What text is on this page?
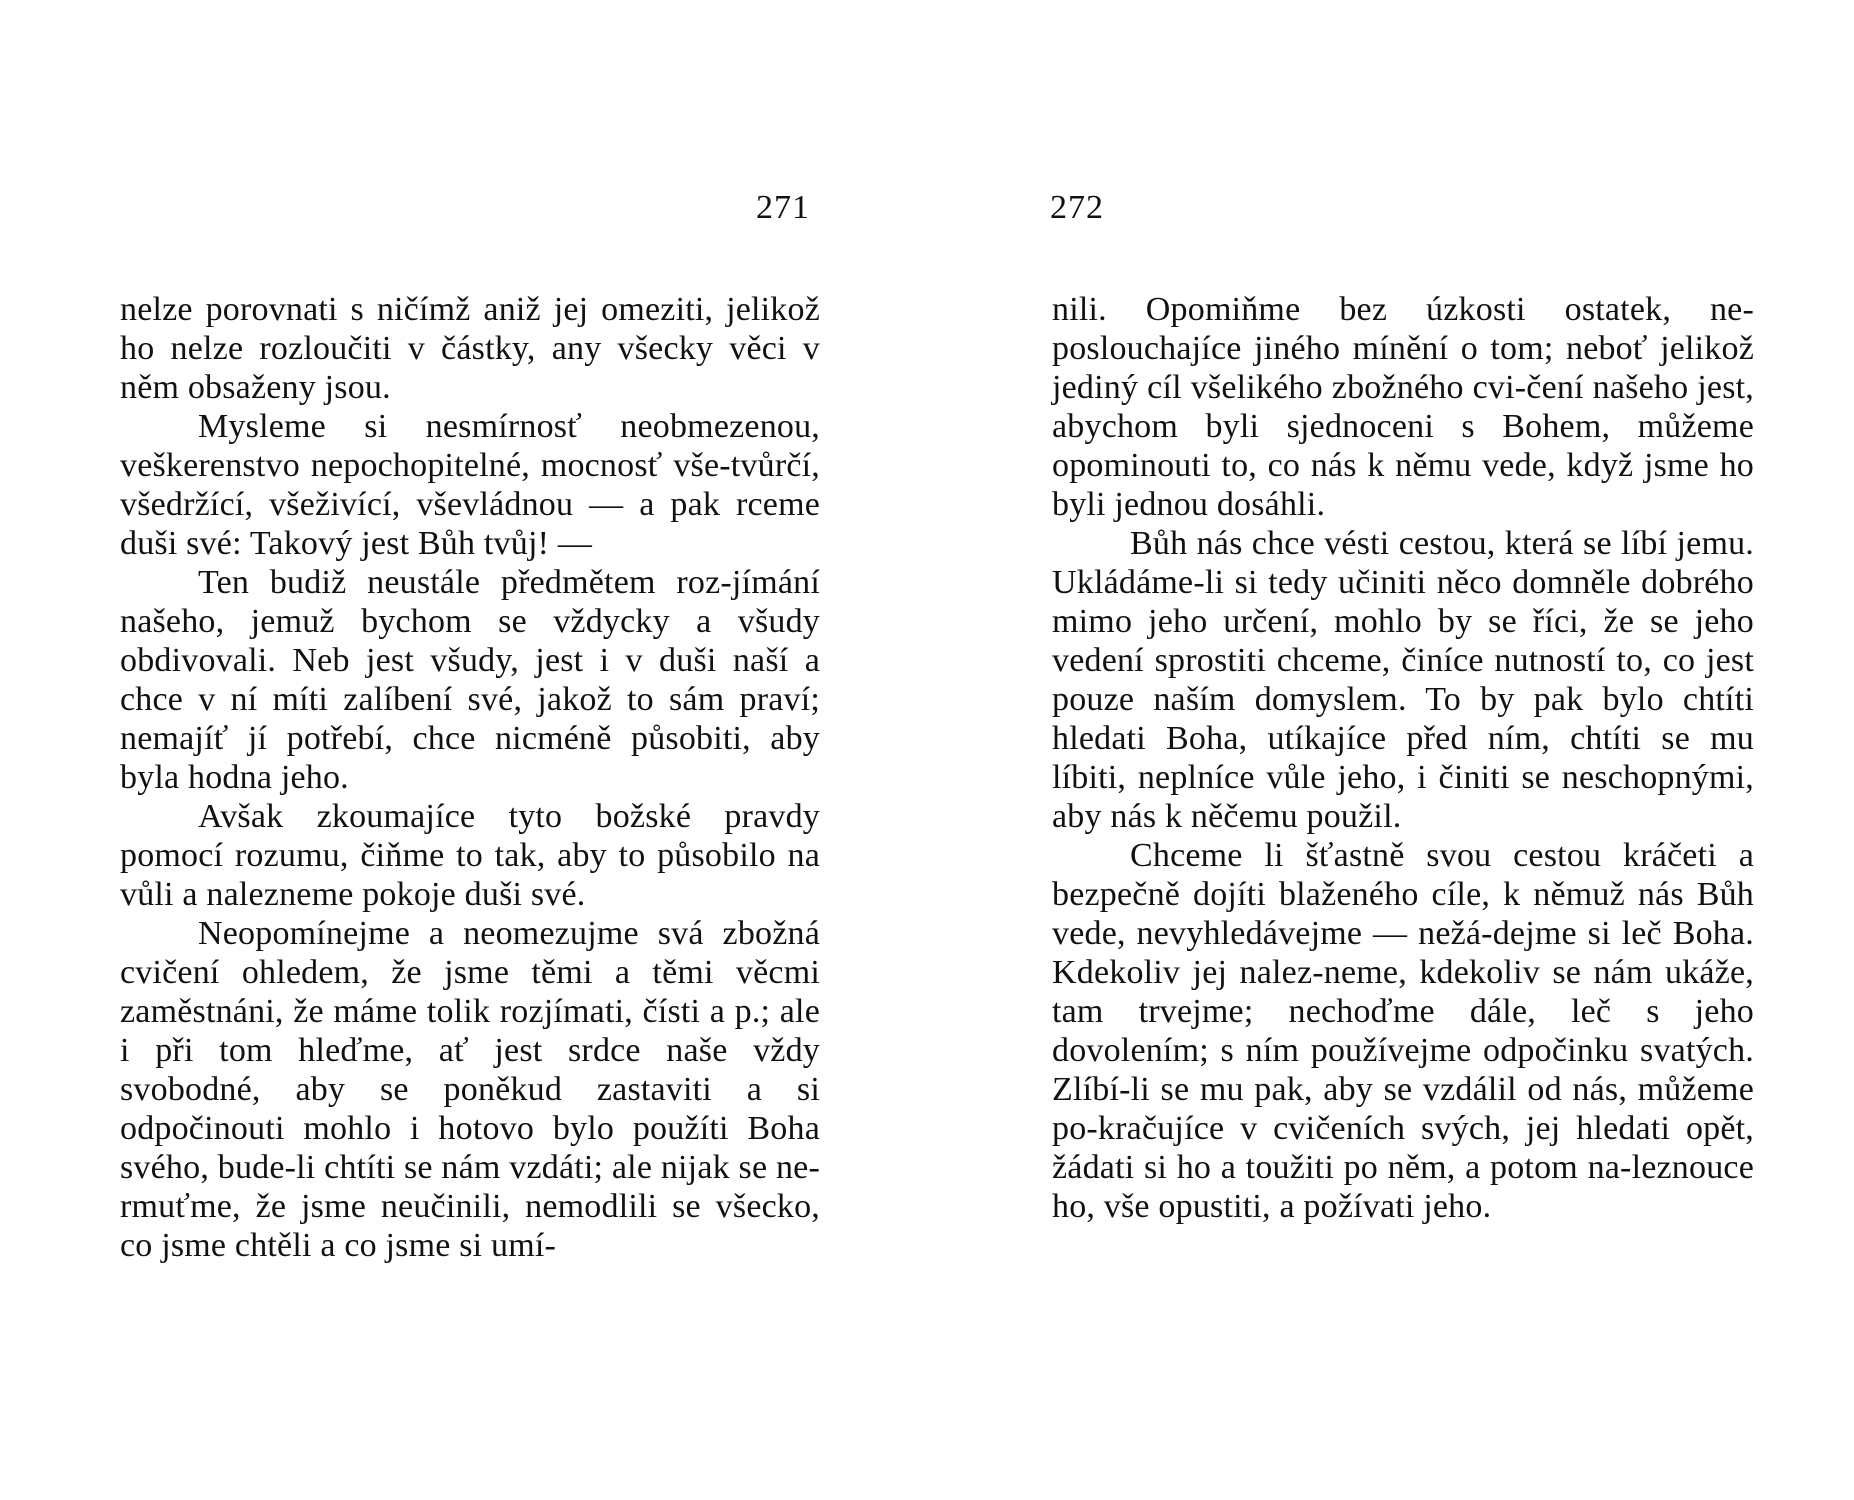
271	272

nelze porovnati s ničímž aniž jej omeziti, jelikož ho nelze rozloučiti v částky, any všecky věci v něm obsaženy jsou.

Mysleme si nesmírnosť neobmezenou, veškerenstvo nepochopitelné, mocnosť vše-tvůrčí, všedržící, všeživící, vševládnou — a pak rceme duši své: Takový jest Bůh tvůj! —

Ten budiž neustále předmětem roz-jímání našeho, jemuž bychom se vždycky a všudy obdivovali. Neb jest všudy, jest i v duši naší a chce v ní míti zalíbení své, jakož to sám praví; nemajíť jí potřebí, chce nicméně působiti, aby byla hodna jeho.

Avšak zkoumajíce tyto božské pravdy pomocí rozumu, čiňme to tak, aby to působilo na vůli a nalezneme pokoje duši své.

Neopomínejme a neomezujme svá zbožná cvičení ohledem, že jsme těmi a těmi věcmi zaměstnáni, že máme tolik rozjímati, čísti a p.; ale i při tom hleďme, ať jest srdce naše vždy svobodné, aby se poněkud zastaviti a si odpočinouti mohlo i hotovo bylo použíti Boha svého, bude-li chtíti se nám vzdáti; ale nijak se ne-rmuťme, že jsme neučinili, nemodlili se všecko, co jsme chtěli a co jsme si umí-

nili. Opomiňme bez úzkosti ostatek, ne-poslouchajíce jiného mínění o tom; neboť jelikož jediný cíl všelikého zbožného cvi-čení našeho jest, abychom byli sjednoceni s Bohem, můžeme opominouti to, co nás k němu vede, když jsme ho byli jednou dosáhli.

Bůh nás chce vésti cestou, která se líbí jemu. Ukládáme-li si tedy učiniti něco domněle dobrého mimo jeho určení, mohlo by se říci, že se jeho vedení sprostiti chceme, činíce nutností to, co jest pouze naším domyslem. To by pak bylo chtíti hledati Boha, utíkajíce před ním, chtíti se mu líbiti, neplníce vůle jeho, i činiti se neschopnými, aby nás k něčemu použil.

Chceme li šťastně svou cestou kráčeti a bezpečně dojíti blaženého cíle, k němuž nás Bůh vede, nevyhledávejme — nežá-dejme si leč Boha. Kdekoliv jej nalez-neme, kdekoliv se nám ukáže, tam trvejme; nechoďme dále, leč s jeho dovolením; s ním používejme odpočinku svatých. Zlíbí-li se mu pak, aby se vzdálil od nás, můžeme po-kračujíce v cvičeních svých, jej hledati opět, žádati si ho a toužiti po něm, a potom na-leznouce ho, vše opustiti, a požívati jeho.
